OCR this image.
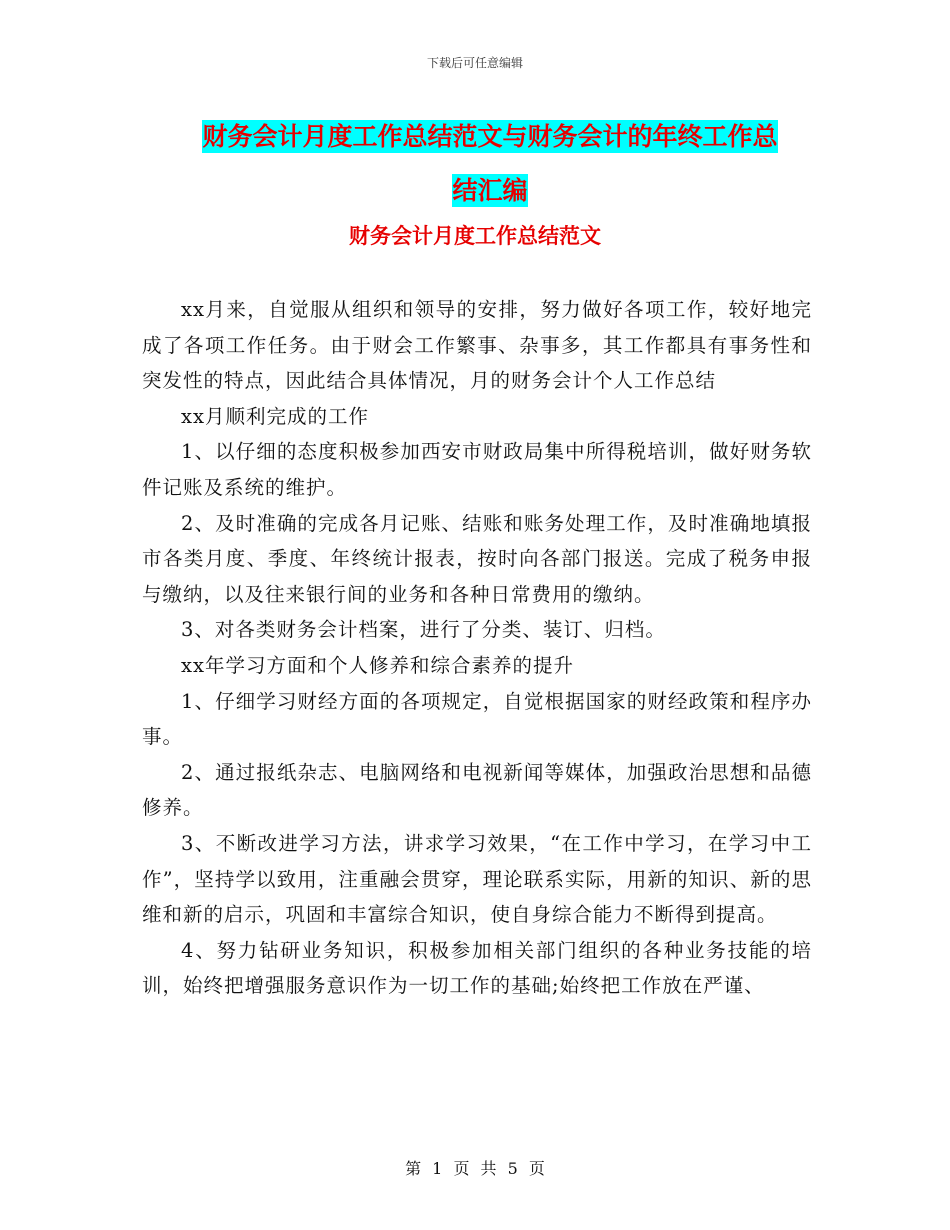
下载后可任意编辑
财务会计月度工作总结范文与财务会计的年终工作总
结汇编
财务会计月度工作总结范文

xx月来，自觉服从组织和领导的安排，努力做好各项工作，较好地完成了各项工作任务。由于财会工作繁事、杂事多，其工作都具有事务性和突发性的特点，因此结合具体情况，月的财务会计个人工作总结

xx月顺利完成的工作

1、以仔细的态度积极参加西安市财政局集中所得税培训，做好财务软件记账及系统的维护。

2、及时准确的完成各月记账、结账和账务处理工作，及时准确地填报市各类月度、季度、年终统计报表，按时向各部门报送。完成了税务申报与缴纳，以及往来银行间的业务和各种日常费用的缴纳。

3、对各类财务会计档案，进行了分类、装订、归档。

xx年学习方面和个人修养和综合素养的提升

1、仔细学习财经方面的各项规定，自觉根据国家的财经政策和程序办事。

2、通过报纸杂志、电脑网络和电视新闻等媒体，加强政治思想和品德修养。

3、不断改进学习方法，讲求学习效果，“在工作中学习，在学习中工作”，坚持学以致用，注重融会贯穿，理论联系实际，用新的知识、新的思维和新的启示，巩固和丰富综合知识，使自身综合能力不断得到提高。

4、努力钻研业务知识，积极参加相关部门组织的各种业务技能的培训，始终把增强服务意识作为一切工作的基础;始终把工作放在严谨、

第 1 页 共 5 页
